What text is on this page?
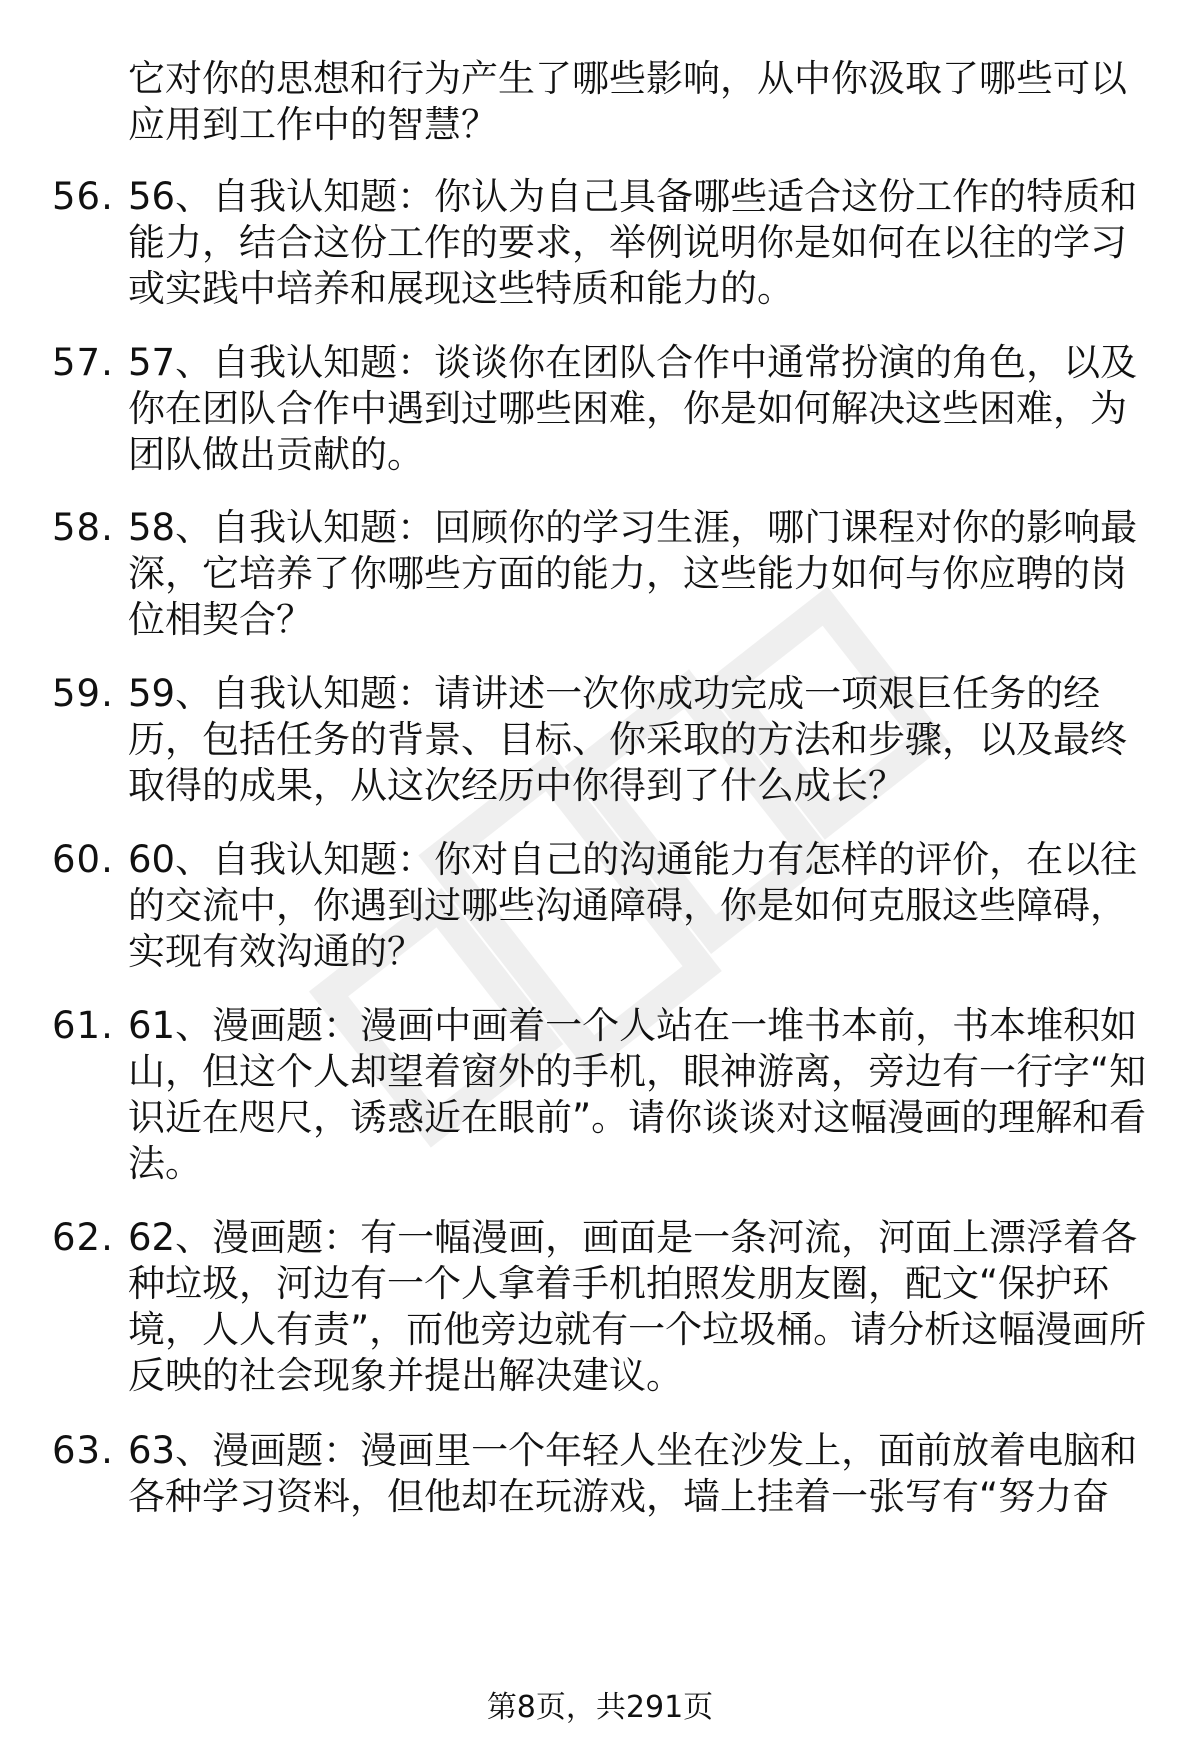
它对你的思想和行为产生了哪些影响，从中你汲取了哪些可以应用到工作中的智慧？
56. 56、自我认知题：你认为自己具备哪些适合这份工作的特质和能力，结合这份工作的要求，举例说明你是如何在以往的学习或实践中培养和展现这些特质和能力的。
57. 57、自我认知题：谈谈你在团队合作中通常扮演的角色，以及你在团队合作中遇到过哪些困难，你是如何解决这些困难，为团队做出贡献的。
58. 58、自我认知题：回顾你的学习生涯，哪门课程对你的影响最深，它培养了你哪些方面的能力，这些能力如何与你应聘的岗位相契合？
59. 59、自我认知题：请讲述一次你成功完成一项艰巨任务的经历，包括任务的背景、目标、你采取的方法和步骤，以及最终取得的成果，从这次经历中你得到了什么成长？
60. 60、自我认知题：你对自己的沟通能力有怎样的评价，在以往的交流中，你遇到过哪些沟通障碍，你是如何克服这些障碍，实现有效沟通的？
61. 61、漫画题：漫画中画着一个人站在一堆书本前，书本堆积如山，但这个人却望着窗外的手机，眼神游离，旁边有一行字“知识近在咫尺，诱惑近在眼前”。请你谈谈对这幅漫画的理解和看法。
62. 62、漫画题：有一幅漫画，画面是一条河流，河面上漂浮着各种垃圾，河边有一个人拿着手机拍照发朋友圈，配文“保护环境，人人有责”，而他旁边就有一个垃圾桶。请分析这幅漫画所反映的社会现象并提出解决建议。
63. 63、漫画题：漫画里一个年轻人坐在沙发上，面前放着电脑和各种学习资料，但他却在玩游戏，墙上挂着一张写有“努力奋
第8页，共291页
